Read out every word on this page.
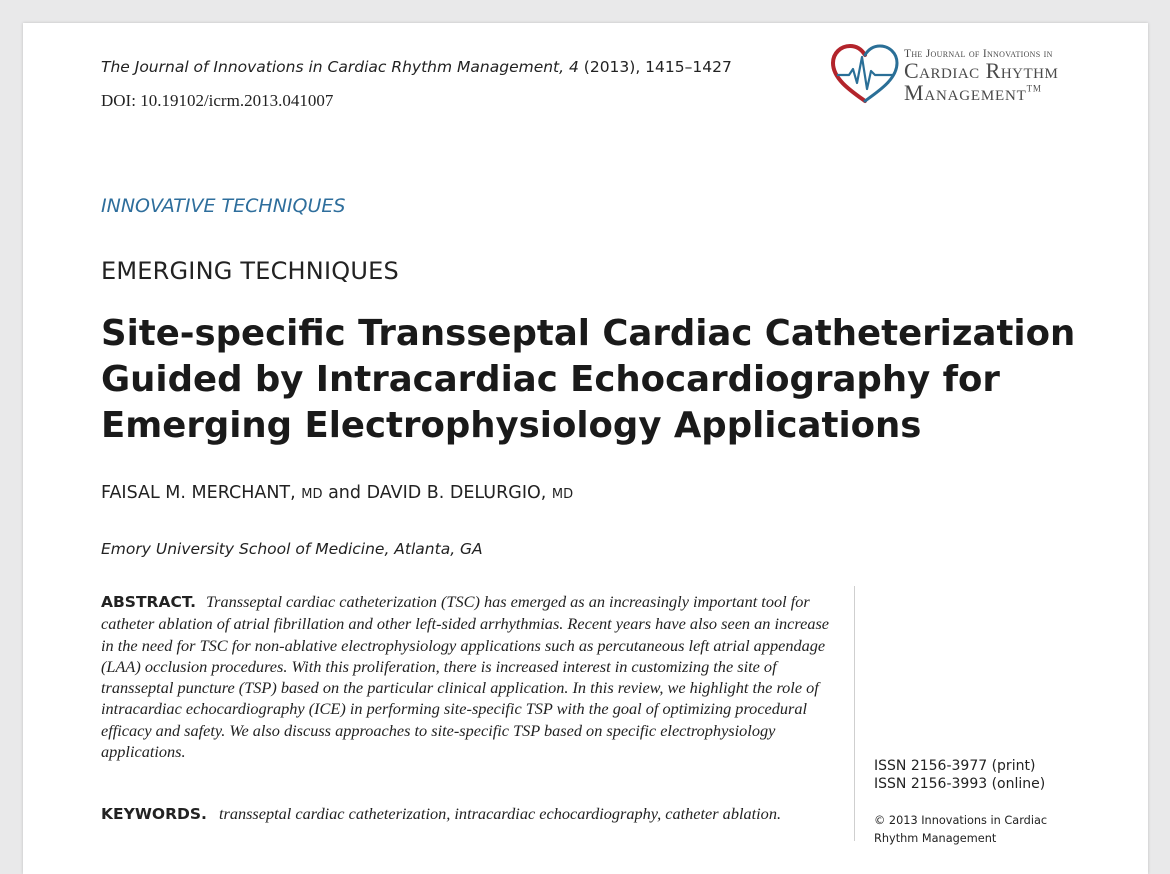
The Journal of Innovations in Cardiac Rhythm Management, 4 (2013), 1415–1427
DOI: 10.19102/icrm.2013.041007
The Journal of Innovations in
Cardiac Rhythm
Management™
INNOVATIVE TECHNIQUES
EMERGING TECHNIQUES
Site-specific Transseptal Cardiac Catheterization
Guided by Intracardiac Echocardiography for
Emerging Electrophysiology Applications
FAISAL M. MERCHANT, MD and DAVID B. DELURGIO, MD
Emory University School of Medicine, Atlanta, GA
ABSTRACT. Transseptal cardiac catheterization (TSC) has emerged as an increasingly important tool for catheter ablation of atrial fibrillation and other left-sided arrhythmias. Recent years have also seen an increase in the need for TSC for non-ablative electrophysiology applications such as percutaneous left atrial appendage (LAA) occlusion procedures. With this proliferation, there is increased interest in customizing the site of transseptal puncture (TSP) based on the particular clinical application. In this review, we highlight the role of intracardiac echocardiography (ICE) in performing site-specific TSP with the goal of optimizing procedural efficacy and safety. We also discuss approaches to site-specific TSP based on specific electrophysiology applications.
KEYWORDS. transseptal cardiac catheterization, intracardiac echocardiography, catheter ablation.
ISSN 2156-3977 (print)
ISSN 2156-3993 (online)
© 2013 Innovations in Cardiac
Rhythm Management
